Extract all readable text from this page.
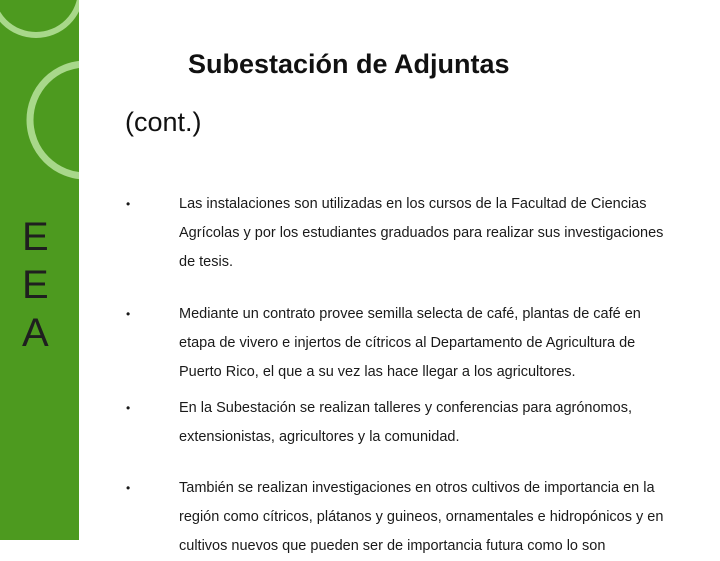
E
E
A
Subestación de Adjuntas
(cont.)
•	Las instalaciones son utilizadas en los cursos de la Facultad de Ciencias Agrícolas y por los estudiantes graduados para realizar sus investigaciones de tesis.
•	Mediante un contrato provee semilla selecta de café, plantas de café en etapa de vivero e injertos de cítricos al Departamento de Agricultura de Puerto Rico, el que a su vez las hace llegar a los agricultores.
•	En la Subestación se realizan talleres y conferencias para agrónomos, extensionistas, agricultores y la comunidad.
•	También se realizan investigaciones en otros cultivos de importancia en la región como cítricos, plátanos y guineos, ornamentales e hidropónicos y en cultivos nuevos que pueden ser de importancia futura como lo son
